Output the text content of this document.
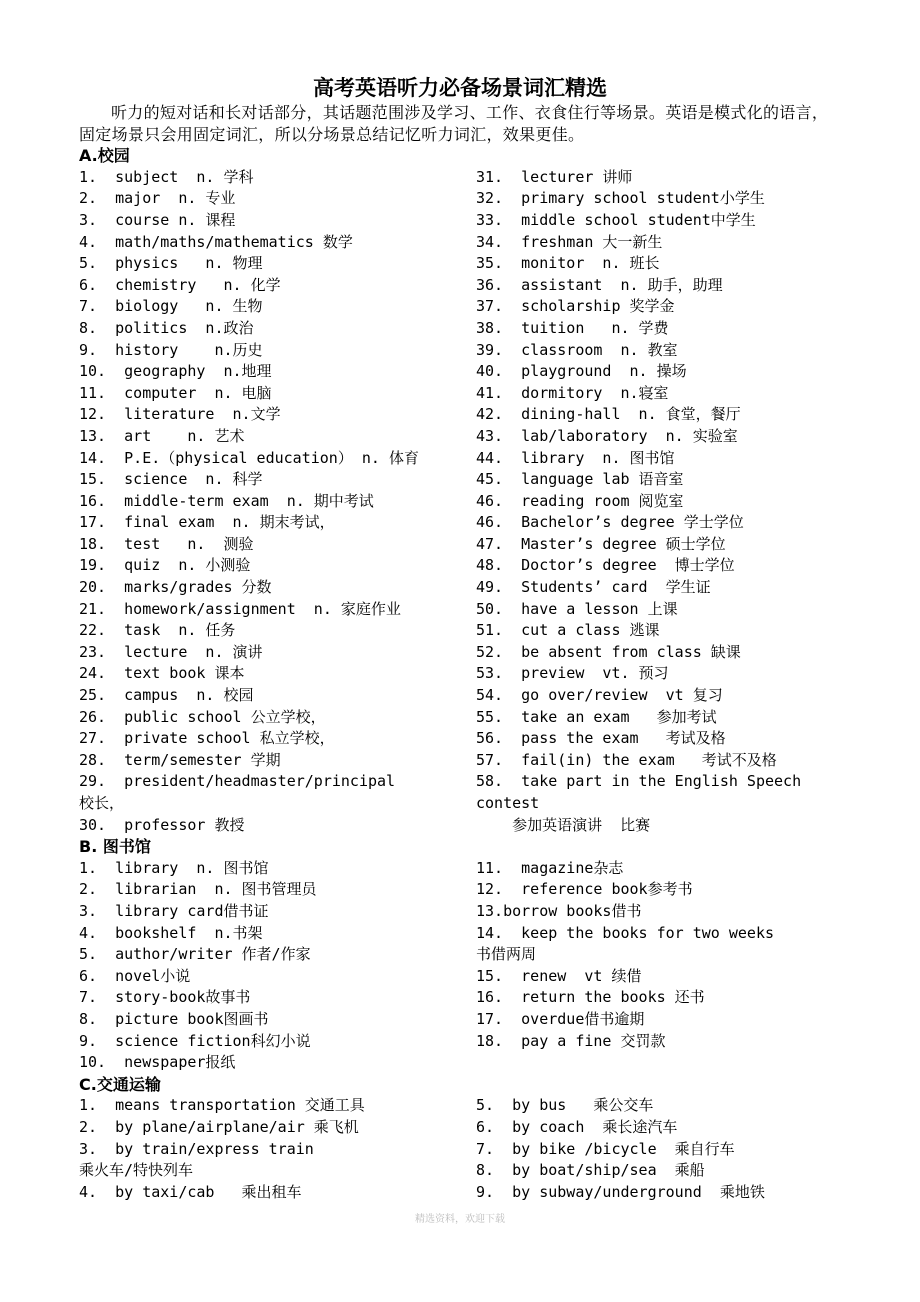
高考英语听力必备场景词汇精选

听力的短对话和长对话部分，其话题范围涉及学习、工作、衣食住行等场景。英语是模式化的语言，固定场景只会用固定词汇，所以分场景总结记忆听力词汇，效果更佳。

A.校园
1.  subject  n. 学科
2.  major  n. 专业
3.  course n. 课程
4.  math/maths/mathematics 数学
5.  physics   n. 物理
6.  chemistry   n. 化学
7.  biology   n. 生物
8.  politics  n.政治
9.  history    n.历史
10.  geography  n.地理
11.  computer  n. 电脑
12.  literature  n.文学
13.  art    n. 艺术
14.  P.E.（physical education） n. 体育
15.  science  n. 科学
16.  middle-term exam  n. 期中考试
17.  final exam  n. 期末考试，
18.  test   n.  测验
19.  quiz  n. 小测验
20.  marks/grades 分数
21.  homework/assignment  n. 家庭作业
22.  task  n. 任务
23.  lecture  n. 演讲
24.  text book 课本
25.  campus  n. 校园
26.  public school 公立学校，
27.  private school 私立学校，
28.  term/semester 学期
29.  president/headmaster/principal
校长，
30.  professor 教授
31.  lecturer 讲师
32.  primary school student小学生
33.  middle school student中学生
34.  freshman 大一新生
35.  monitor  n. 班长
36.  assistant  n. 助手，助理
37.  scholarship 奖学金
38.  tuition   n. 学费
39.  classroom  n. 教室
40.  playground  n. 操场
41.  dormitory  n.寝室
42.  dining-hall  n. 食堂，餐厅
43.  lab/laboratory  n. 实验室
44.  library  n. 图书馆
45.  language lab 语音室
46.  reading room 阅览室
46.  Bachelor’s degree 学士学位
47.  Master’s degree 硕士学位
48.  Doctor’s degree  博士学位
49.  Students’ card  学生证
50.  have a lesson 上课
51.  cut a class 逃课
52.  be absent from class 缺课
53.  preview  vt. 预习
54.  go over/review  vt 复习
55.  take an exam   参加考试
56.  pass the exam   考试及格
57.  fail(in) the exam   考试不及格
58.  take part in the English Speech
contest
参加英语演讲  比赛
B. 图书馆
1.  library  n. 图书馆
2.  librarian  n. 图书管理员
3.  library card借书证
4.  bookshelf  n.书架
5.  author/writer 作者/作家
6.  novel小说
7.  story-book故事书
8.  picture book图画书
9.  science fiction科幻小说
10.  newspaper报纸
11.  magazine杂志
12.  reference book参考书
13.borrow books借书
14.  keep the books for two weeks
书借两周
15.  renew  vt 续借
16.  return the books 还书
17.  overdue借书逾期
18.  pay a fine 交罚款
C.交通运输
1.  means transportation 交通工具
2.  by plane/airplane/air 乘飞机
3.  by train/express train
乘火车/特快列车
4.  by taxi/cab   乘出租车
5.  by bus   乘公交车
6.  by coach  乘长途汽车
7.  by bike /bicycle  乘自行车
8.  by boat/ship/sea  乘船
9.  by subway/underground  乘地铁
精选资料，欢迎下载
